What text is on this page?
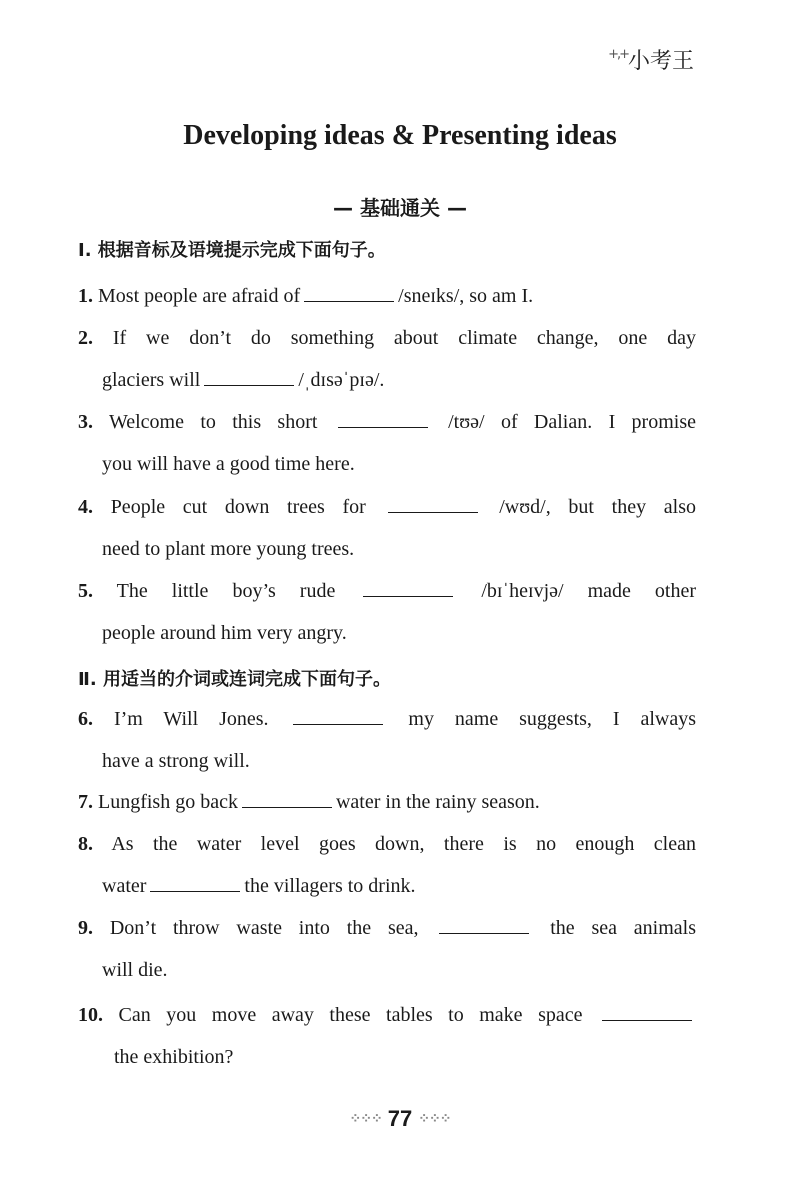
+,+ 小考王
Developing ideas & Presenting ideas
— 基础通关 —
Ⅰ. 根据音标及语境提示完成下面句子。
1. Most people are afraid of	/sneɪks/, so am I.
2. If we don’t do something about climate change, one day
glaciers will	/ˌdɪsəˈpɪə/.
3. Welcome to this short	/tʊə/ of Dalian. I promise
you will have a good time here.
4. People cut down trees for	/wʊd/, but they also
need to plant more young trees.
5. The little boy’s rude	/bɪˈheɪvjə/ made other
people around him very angry.
Ⅱ. 用适当的介词或连词完成下面句子。
6. I’m Will Jones.	my name suggests, I always
have a strong will.
7. Lungfish go back	water in the rainy season.
8. As the water level goes down, there is no enough clean
water	the villagers to drink.
9. Don’t throw waste into the sea,	the sea animals
will die.
10. Can you move away these tables to make space
the exhibition?
⁘⁘⁘ 77 ⁘⁘⁘
